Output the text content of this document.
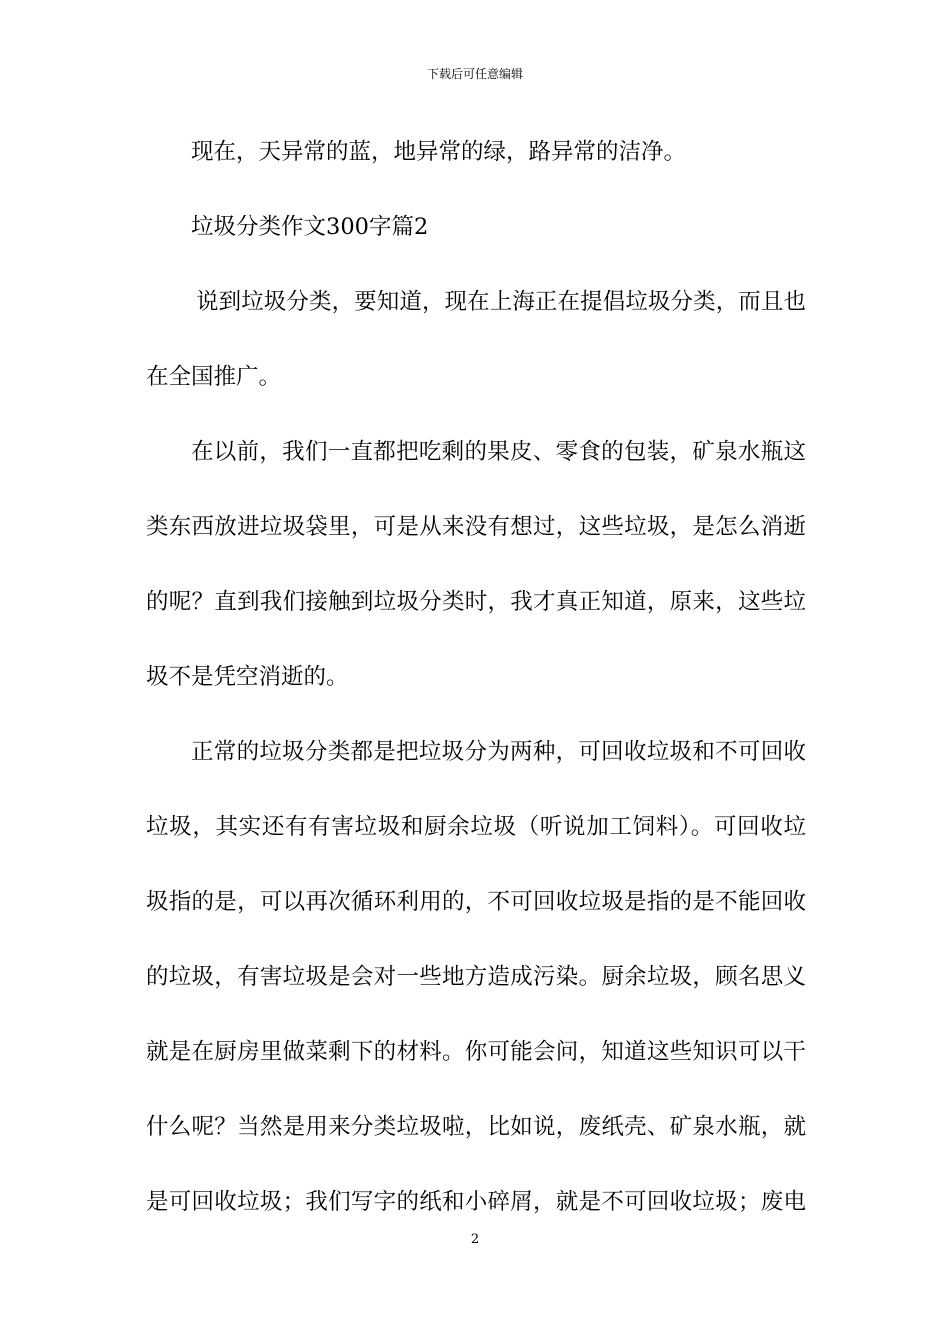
下载后可任意编辑
现在，天异常的蓝，地异常的绿，路异常的洁净。
垃圾分类作文300字篇2
说到垃圾分类，要知道，现在上海正在提倡垃圾分类，而且也
在全国推广。
在以前，我们一直都把吃剩的果皮、零食的包装，矿泉水瓶这
类东西放进垃圾袋里，可是从来没有想过，这些垃圾，是怎么消逝
的呢？直到我们接触到垃圾分类时，我才真正知道，原来，这些垃
圾不是凭空消逝的。
正常的垃圾分类都是把垃圾分为两种，可回收垃圾和不可回收
垃圾，其实还有有害垃圾和厨余垃圾（听说加工饲料）。可回收垃
圾指的是，可以再次循环利用的，不可回收垃圾是指的是不能回收
的垃圾，有害垃圾是会对一些地方造成污染。厨余垃圾，顾名思义
就是在厨房里做菜剩下的材料。你可能会问，知道这些知识可以干
什么呢？当然是用来分类垃圾啦，比如说，废纸壳、矿泉水瓶，就
是可回收垃圾；我们写字的纸和小碎屑，就是不可回收垃圾；废电
2
